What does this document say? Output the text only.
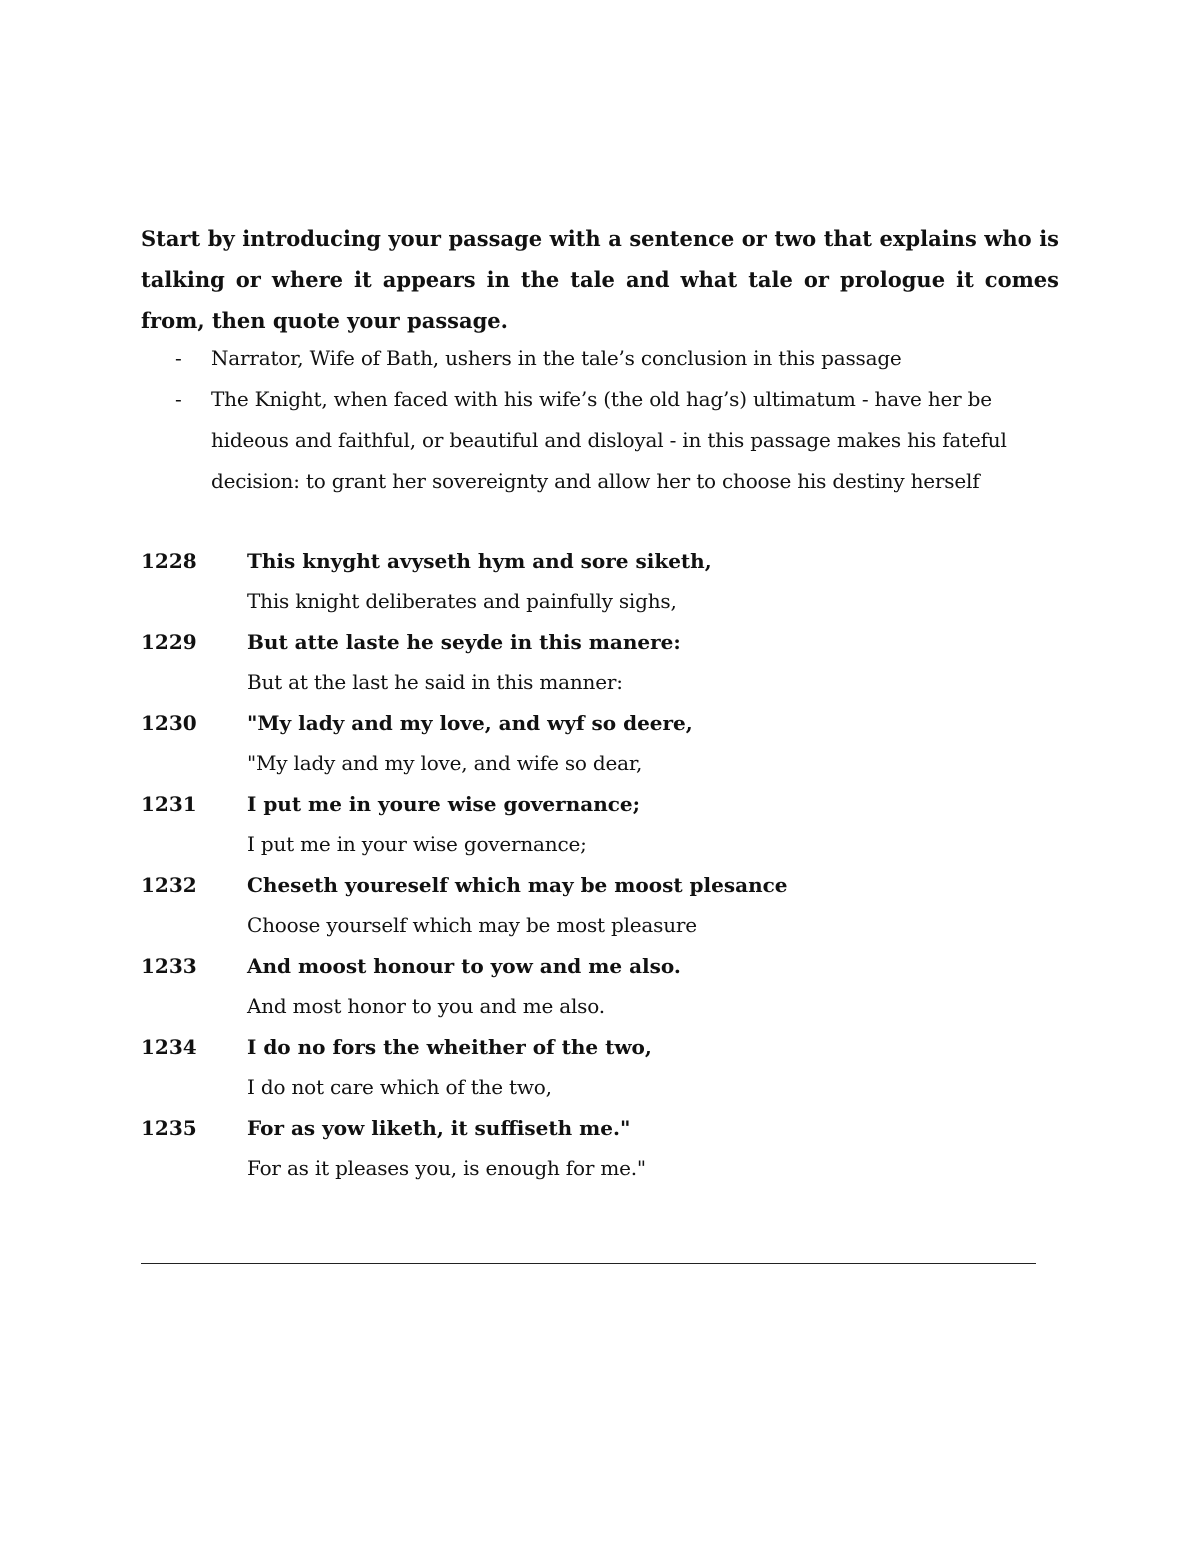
Start by introducing your passage with a sentence or two that explains who is talking or where it appears in the tale and what tale or prologue it comes from, then quote your passage.

- Narrator, Wife of Bath, ushers in the tale’s conclusion in this passage
- The Knight, when faced with his wife’s (the old hag’s) ultimatum - have her be hideous and faithful, or beautiful and disloyal - in this passage makes his fateful decision: to grant her sovereignty and allow her to choose his destiny herself
1228	This knyght avyseth hym and sore siketh,
This knight deliberates and painfully sighs,
1229	But atte laste he seyde in this manere:
But at the last he said in this manner:
1230	"My lady and my love, and wyf so deere,
"My lady and my love, and wife so dear,
1231	I put me in youre wise governance;
I put me in your wise governance;
1232	Cheseth youreself which may be moost plesance
Choose yourself which may be most pleasure
1233	And moost honour to yow and me also.
And most honor to you and me also.
1234	I do no fors the wheither of the two,
I do not care which of the two,
1235	For as yow liketh, it suffiseth me."
For as it pleases you, is enough for me."
